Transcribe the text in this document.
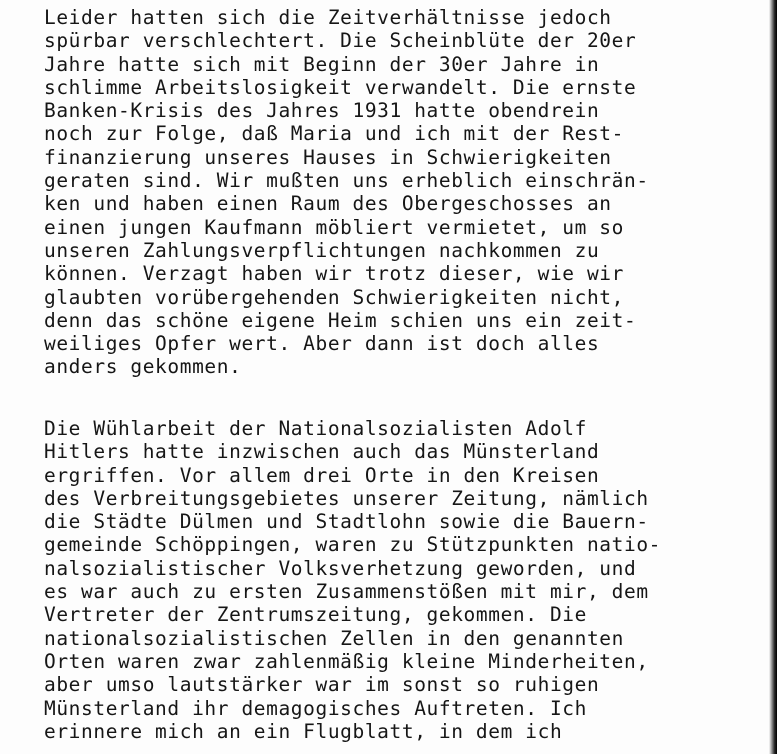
Leider hatten sich die Zeitverhältnisse jedoch
spürbar verschlechtert. Die Scheinblüte der 20er
Jahre hatte sich mit Beginn der 30er Jahre in
schlimme Arbeitslosigkeit verwandelt. Die ernste
Banken-Krisis des Jahres 1931 hatte obendrein
noch zur Folge, daß Maria und ich mit der Rest-
finanzierung unseres Hauses in Schwierigkeiten
geraten sind. Wir mußten uns erheblich einschrän-
ken und haben einen Raum des Obergeschosses an
einen jungen Kaufmann möbliert vermietet, um so
unseren Zahlungsverpflichtungen nachkommen zu
können. Verzagt haben wir trotz dieser, wie wir
glaubten vorübergehenden Schwierigkeiten nicht,
denn das schöne eigene Heim schien uns ein zeit-
weiliges Opfer wert. Aber dann ist doch alles
anders gekommen.
Die Wühlarbeit der Nationalsozialisten Adolf
Hitlers hatte inzwischen auch das Münsterland
ergriffen. Vor allem drei Orte in den Kreisen
des Verbreitungsgebietes unserer Zeitung, nämlich
die Städte Dülmen und Stadtlohn sowie die Bauern-
gemeinde Schöppingen, waren zu Stützpunkten natio-
nalsozialistischer Volksverhetzung geworden, und
es war auch zu ersten Zusammenstößen mit mir, dem
Vertreter der Zentrumszeitung, gekommen. Die
nationalsozialistischen Zellen in den genannten
Orten waren zwar zahlenmäßig kleine Minderheiten,
aber umso lautstärker war im sonst so ruhigen
Münsterland ihr demagogisches Auftreten. Ich
erinnere mich an ein Flugblatt, in dem ich
